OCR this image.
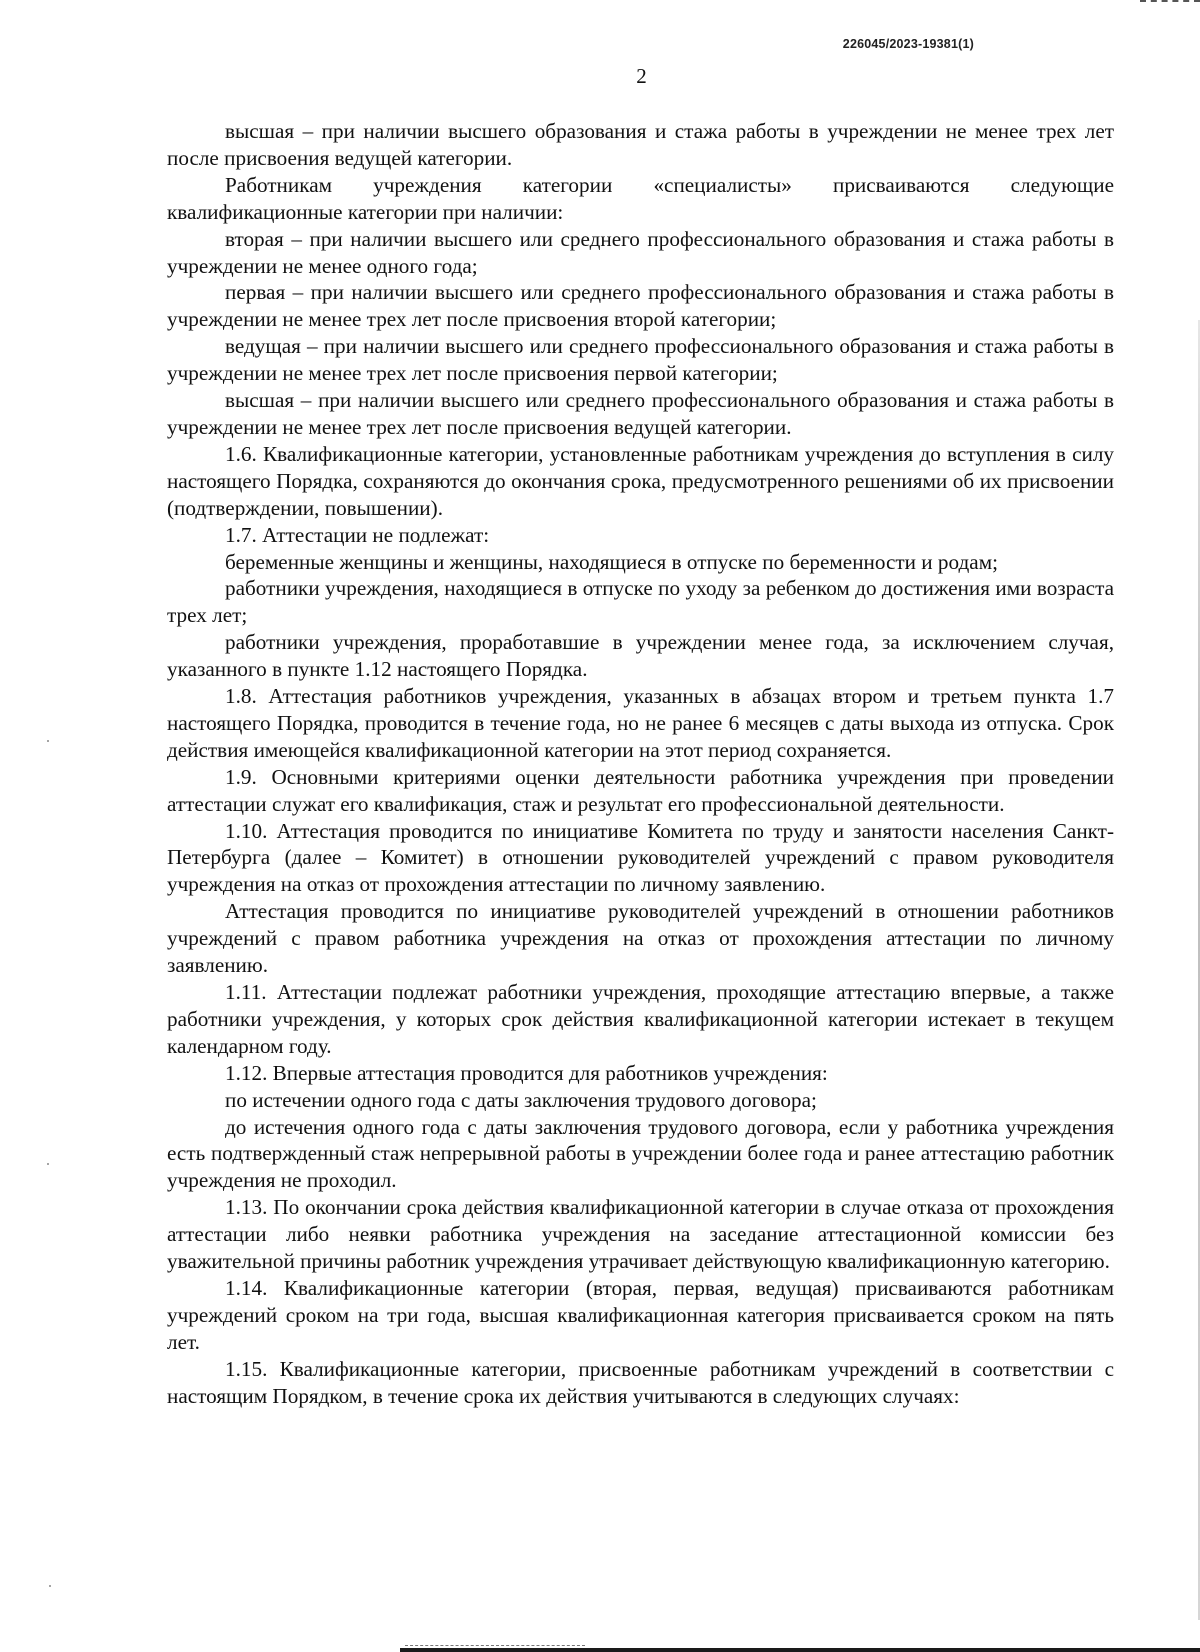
226045/2023-19381(1)
2

высшая – при наличии высшего образования и стажа работы в учреждении не менее трех лет после присвоения ведущей категории.

Работникам учреждения категории «специалисты» присваиваются следующие квалификационные категории при наличии:

вторая – при наличии высшего или среднего профессионального образования и стажа работы в учреждении не менее одного года;

первая – при наличии высшего или среднего профессионального образования и стажа работы в учреждении не менее трех лет после присвоения второй категории;

ведущая – при наличии высшего или среднего профессионального образования и стажа работы в учреждении не менее трех лет после присвоения первой категории;

высшая – при наличии высшего или среднего профессионального образования и стажа работы в учреждении не менее трех лет после присвоения ведущей категории.

1.6. Квалификационные категории, установленные работникам учреждения до вступления в силу настоящего Порядка, сохраняются до окончания срока, предусмотренного решениями об их присвоении (подтверждении, повышении).

1.7. Аттестации не подлежат:

беременные женщины и женщины, находящиеся в отпуске по беременности и родам;

работники учреждения, находящиеся в отпуске по уходу за ребенком до достижения ими возраста трех лет;

работники учреждения, проработавшие в учреждении менее года, за исключением случая, указанного в пункте 1.12 настоящего Порядка.

1.8. Аттестация работников учреждения, указанных в абзацах втором и третьем пункта 1.7 настоящего Порядка, проводится в течение года, но не ранее 6 месяцев с даты выхода из отпуска. Срок действия имеющейся квалификационной категории на этот период сохраняется.

1.9. Основными критериями оценки деятельности работника учреждения при проведении аттестации служат его квалификация, стаж и результат его профессиональной деятельности.

1.10. Аттестация проводится по инициативе Комитета по труду и занятости населения Санкт-Петербурга (далее – Комитет) в отношении руководителей учреждений с правом руководителя учреждения на отказ от прохождения аттестации по личному заявлению.

Аттестация проводится по инициативе руководителей учреждений в отношении работников учреждений с правом работника учреждения на отказ от прохождения аттестации по личному заявлению.

1.11. Аттестации подлежат работники учреждения, проходящие аттестацию впервые, а также работники учреждения, у которых срок действия квалификационной категории истекает в текущем календарном году.

1.12. Впервые аттестация проводится для работников учреждения:

по истечении одного года с даты заключения трудового договора;

до истечения одного года с даты заключения трудового договора, если у работника учреждения есть подтвержденный стаж непрерывной работы в учреждении более года и ранее аттестацию работник учреждения не проходил.

1.13. По окончании срока действия квалификационной категории в случае отказа от прохождения аттестации либо неявки работника учреждения на заседание аттестационной комиссии без уважительной причины работник учреждения утрачивает действующую квалификационную категорию.

1.14. Квалификационные категории (вторая, первая, ведущая) присваиваются работникам учреждений сроком на три года, высшая квалификационная категория присваивается сроком на пять лет.

1.15. Квалификационные категории, присвоенные работникам учреждений в соответствии с настоящим Порядком, в течение срока их действия учитываются в следующих случаях:
